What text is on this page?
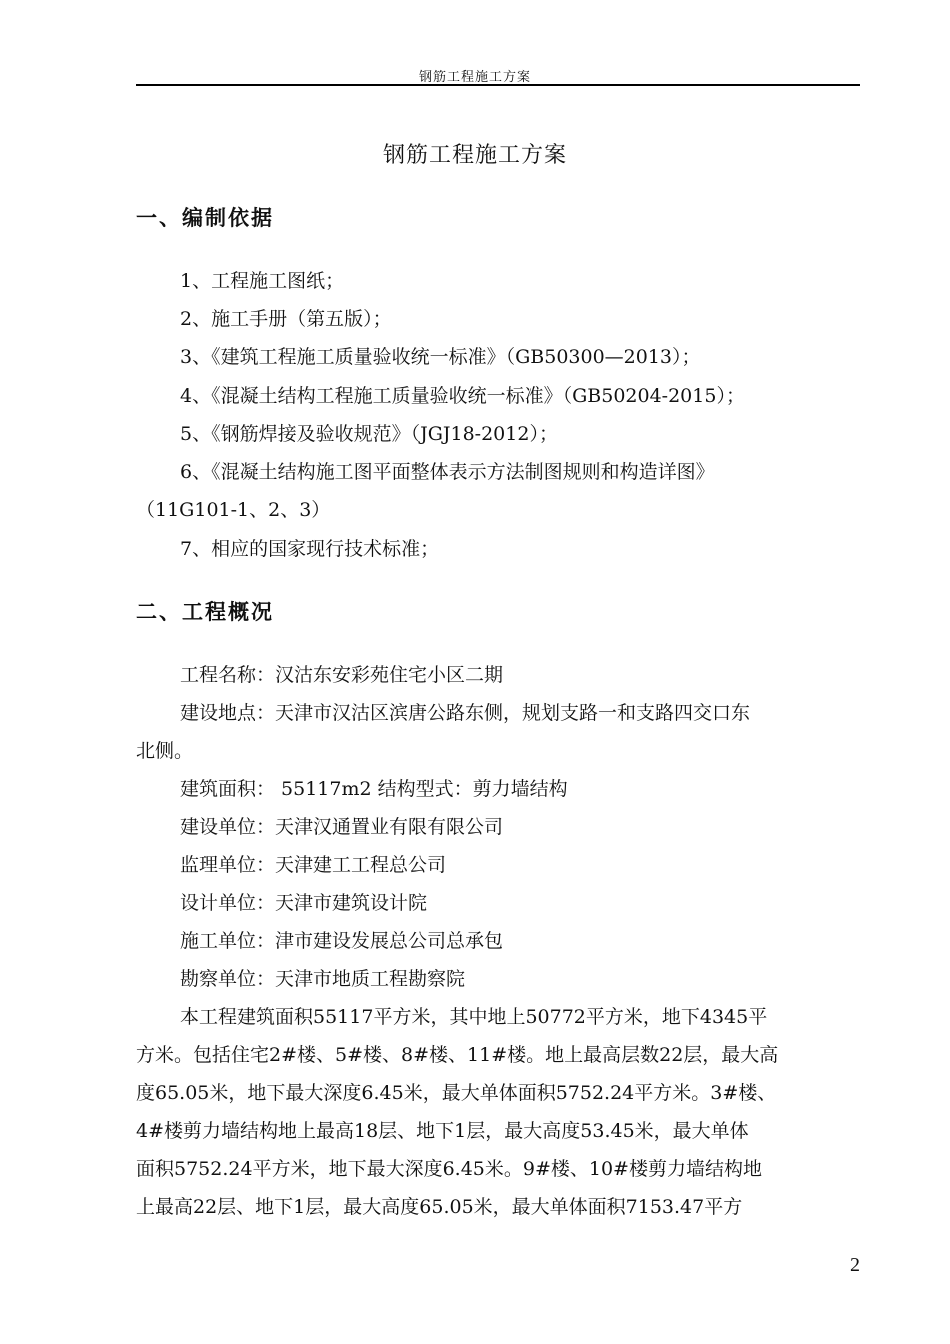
钢筋工程施工方案
钢筋工程施工方案
一、编制依据

1、工程施工图纸；

2、施工手册（第五版）；

3、《建筑工程施工质量验收统一标准》（GB50300—2013）；

4、《混凝土结构工程施工质量验收统一标准》（GB50204-2015）；

5、《钢筋焊接及验收规范》（JGJ18-2012）；

6、《混凝土结构施工图平面整体表示方法制图规则和构造详图》

（11G101-1、2、3）

7、相应的国家现行技术标准；

二、工程概况

工程名称：汉沽东安彩苑住宅小区二期

建设地点：天津市汉沽区滨唐公路东侧，规划支路一和支路四交口东

北侧。

建筑面积： 55117m2 结构型式：剪力墙结构

建设单位：天津汉通置业有限有限公司

监理单位：天津建工工程总公司

设计单位：天津市建筑设计院

施工单位：津市建设发展总公司总承包

勘察单位：天津市地质工程勘察院

本工程建筑面积55117平方米，其中地上50772平方米，地下4345平

方米。包括住宅2#楼、5#楼、8#楼、11#楼。地上最高层数22层，最大高

度65.05米，地下最大深度6.45米，最大单体面积5752.24平方米。3#楼、

4#楼剪力墙结构地上最高18层、地下1层，最大高度53.45米，最大单体

面积5752.24平方米，地下最大深度6.45米。9#楼、10#楼剪力墙结构地

上最高22层、地下1层，最大高度65.05米，最大单体面积7153.47平方

2
